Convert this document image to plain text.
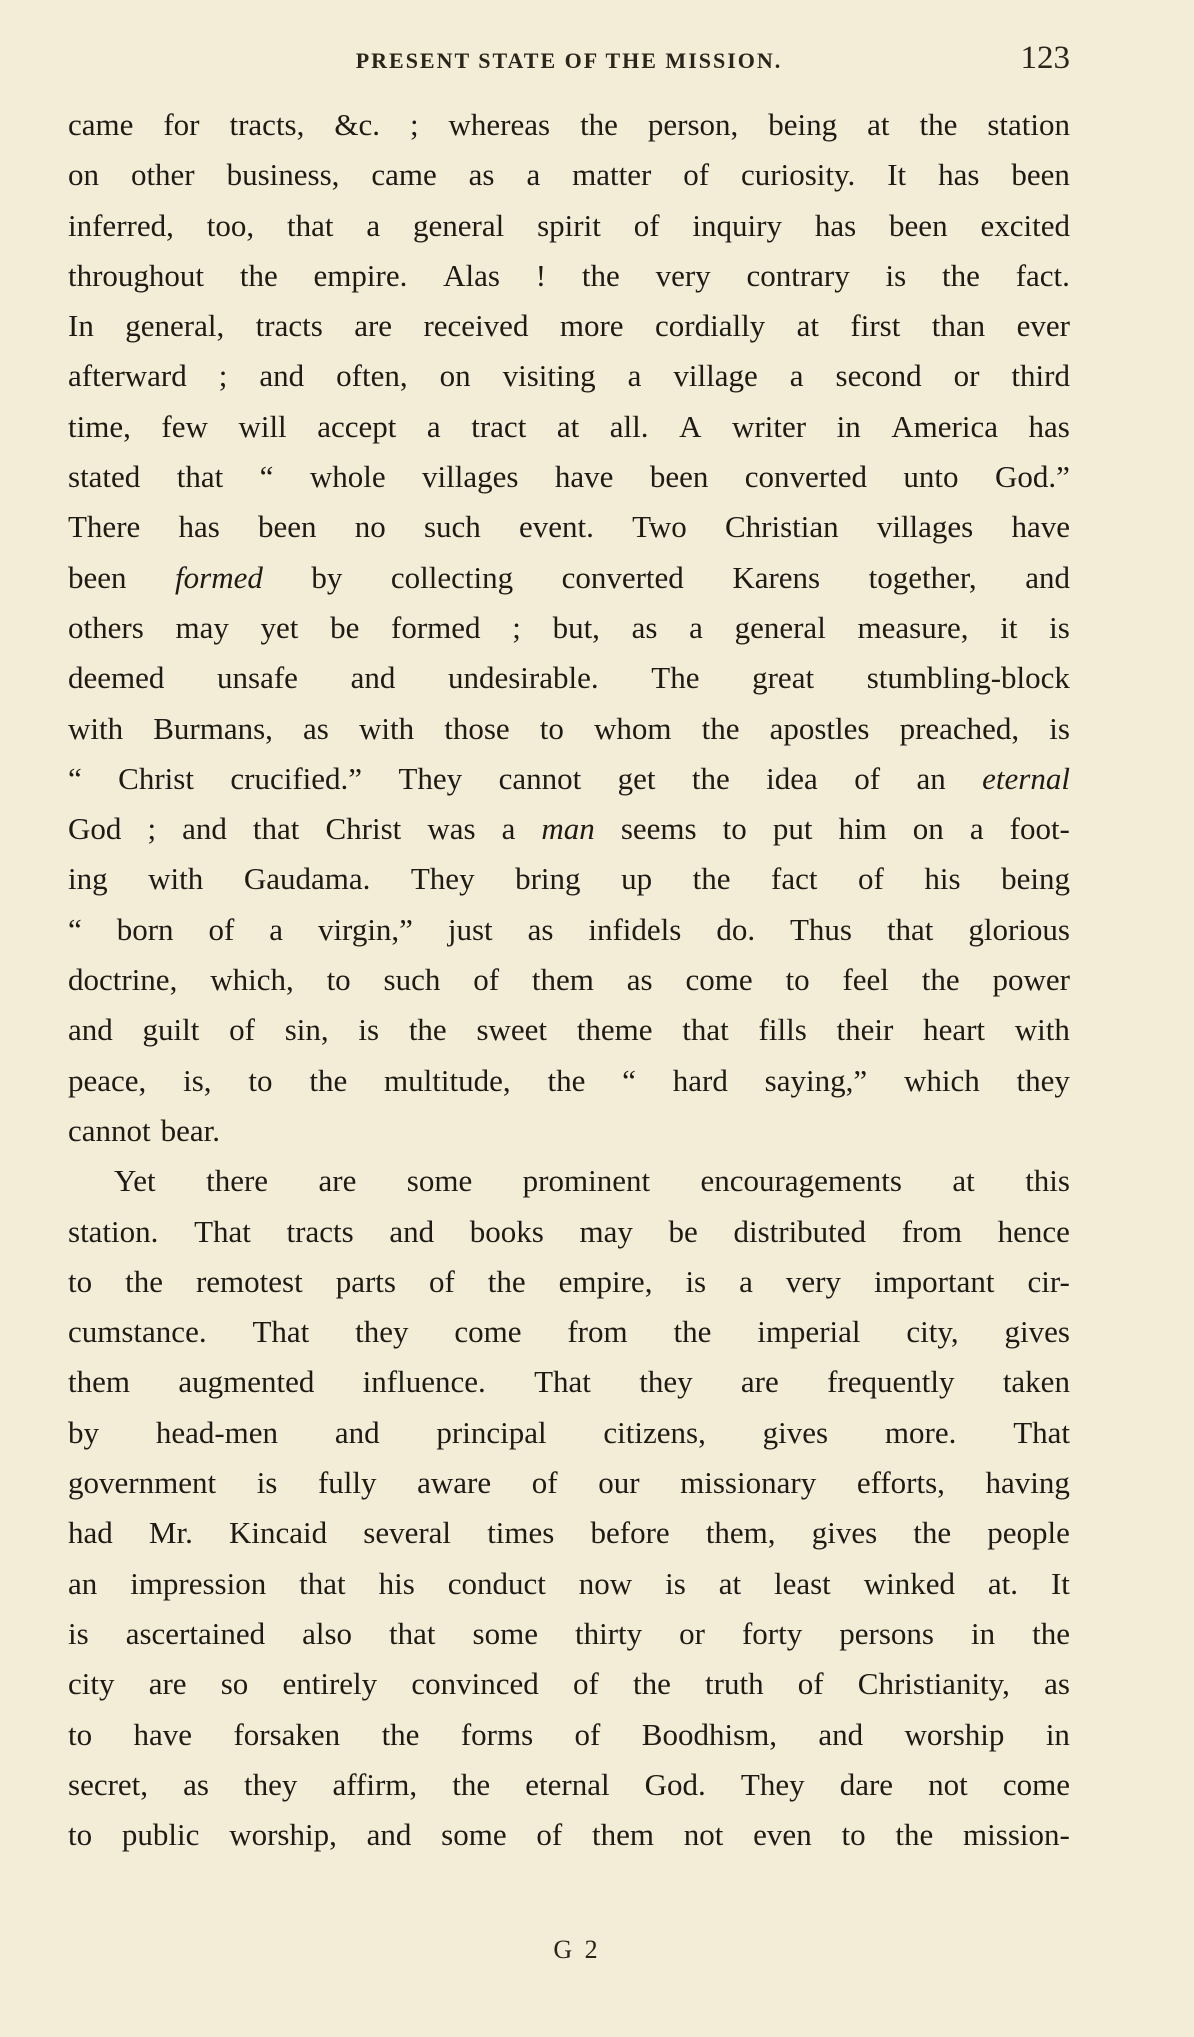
PRESENT STATE OF THE MISSION.	123
came for tracts, &c. ; whereas the person, being at the station
on other business, came as a matter of curiosity. It has been
inferred, too, that a general spirit of inquiry has been excited
throughout the empire. Alas ! the very contrary is the fact.
In general, tracts are received more cordially at first than ever
afterward ; and often, on visiting a village a second or third
time, few will accept a tract at all. A writer in America has
stated that “ whole villages have been converted unto God.”
There has been no such event. Two Christian villages have
been formed by collecting converted Karens together, and
others may yet be formed ; but, as a general measure, it is
deemed unsafe and undesirable. The great stumbling-block
with Burmans, as with those to whom the apostles preached, is
“ Christ crucified.” They cannot get the idea of an eternal
God ; and that Christ was a man seems to put him on a foot-
ing with Gaudama. They bring up the fact of his being
“ born of a virgin,” just as infidels do. Thus that glorious
doctrine, which, to such of them as come to feel the power
and guilt of sin, is the sweet theme that fills their heart with
peace, is, to the multitude, the “ hard saying,” which they
cannot bear.
Yet there are some prominent encouragements at this
station. That tracts and books may be distributed from hence
to the remotest parts of the empire, is a very important cir-
cumstance. That they come from the imperial city, gives
them augmented influence. That they are frequently taken
by head-men and principal citizens, gives more. That
government is fully aware of our missionary efforts, having
had Mr. Kincaid several times before them, gives the people
an impression that his conduct now is at least winked at. It
is ascertained also that some thirty or forty persons in the
city are so entirely convinced of the truth of Christianity, as
to have forsaken the forms of Boodhism, and worship in
secret, as they affirm, the eternal God. They dare not come
to public worship, and some of them not even to the mission-
G 2
